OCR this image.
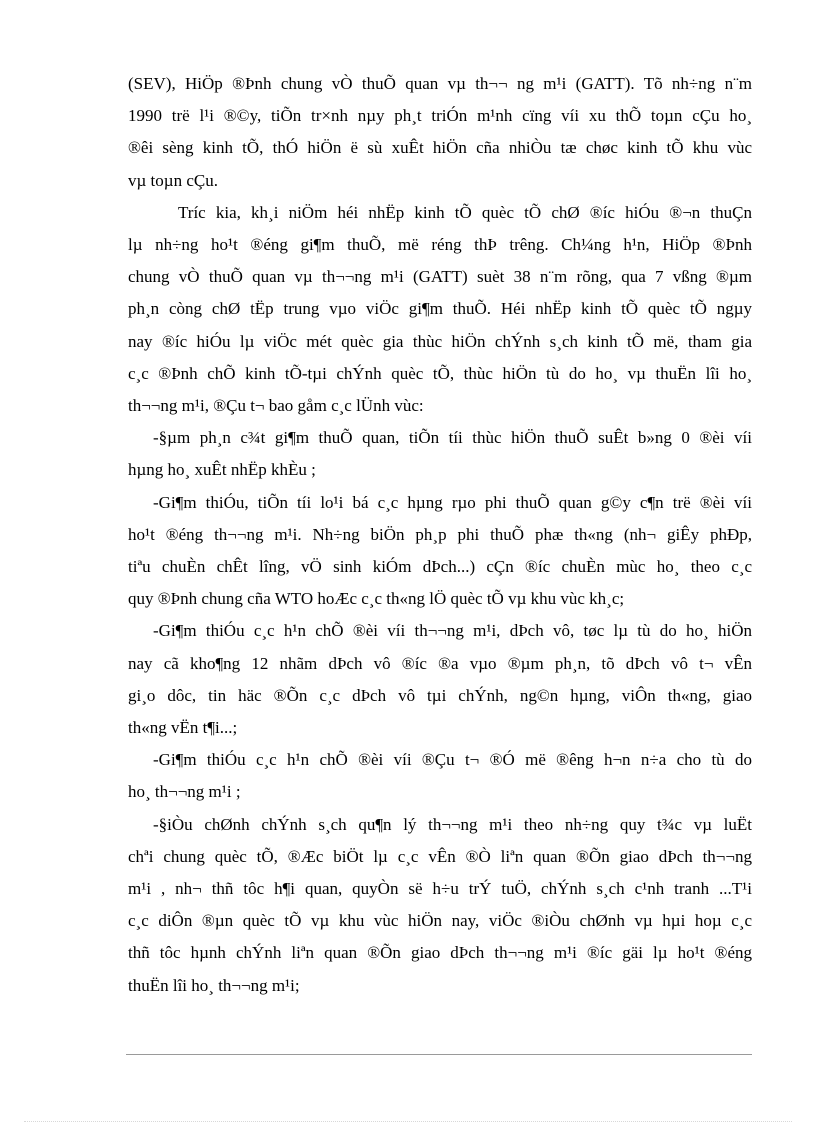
(SEV), HiÖp ®Þnh chung vÒ thuÕ quan vµ th¬¬ ng m¹i (GATT). Tõ nh÷ng n¨m
1990 trë l¹i ®©y, tiÕn tr×nh nµy ph¸t triÓn m¹nh cïng víi xu thÕ toµn cÇu ho¸
®êi sèng kinh tÕ, thÓ hiÖn ë sù xuÊt hiÖn cña nhiÒu tæ chøc kinh tÕ khu vùc
vµ toµn cÇu.
Tríc kia, kh¸i niÖm héi nhËp kinh tÕ quèc tÕ chØ ®íc hiÓu ®¬n thuÇn
lµ nh÷ng ho¹t ®éng gi¶m thuÕ, më réng thÞ trêng. Ch¼ng h¹n, HiÖp ®Þnh
chung vÒ thuÕ quan vµ th¬¬ng m¹i (GATT) suèt 38 n¨m rõng, qua 7 vßng ®µm
ph¸n còng chØ tËp trung vµo viÖc gi¶m thuÕ. Héi nhËp kinh tÕ quèc tÕ ngµy
nay ®íc hiÓu lµ viÖc mét quèc gia thùc hiÖn chÝnh s¸ch kinh tÕ më, tham gia
c¸c ®Þnh chÕ kinh tÕ-tµi chÝnh quèc tÕ, thùc hiÖn tù do ho¸ vµ thuËn lîi ho¸
th¬¬ng m¹i, ®Çu t¬ bao gåm c¸c lÜnh vùc:
-§µm ph¸n c¾t gi¶m thuÕ quan, tiÕn tíi thùc hiÖn thuÕ suÊt b»ng 0 ®èi víi
hµng ho¸ xuÊt nhËp khÈu ;
-Gi¶m thiÓu, tiÕn tíi lo¹i bá c¸c hµng rµo phi thuÕ quan g©y c¶n trë ®èi víi
ho¹t ®éng th¬¬ng m¹i. Nh÷ng biÖn ph¸p phi thuÕ phæ th«ng (nh¬ giÊy phÐp,
tiªu chuÈn chÊt lîng, vÖ sinh kiÓm dÞch...) cÇn ®íc chuÈn mùc ho¸ theo c¸c
quy ®Þnh chung cña WTO hoÆc c¸c th«ng lÖ quèc tÕ vµ khu vùc kh¸c;
-Gi¶m thiÓu c¸c h¹n chÕ ®èi víi th¬¬ng m¹i, dÞch vô, tøc lµ tù do ho¸ hiÖn
nay cã kho¶ng 12 nhãm dÞch vô ®íc ®a vµo ®µm ph¸n, tõ dÞch vô t¬ vÊn
gi¸o dôc, tin häc ®Õn c¸c dÞch vô tµi chÝnh, ng©n hµng, viÔn th«ng, giao
th«ng vËn t¶i...;
-Gi¶m thiÓu c¸c h¹n chÕ ®èi víi ®Çu t¬ ®Ó më ®êng h¬n n÷a cho tù do
ho¸ th¬¬ng m¹i ;
-§iÒu chØnh chÝnh s¸ch qu¶n lý th¬¬ng m¹i theo nh÷ng quy t¾c vµ luËt
chªi chung quèc tÕ, ®Æc biÖt lµ c¸c vÊn ®Ò liªn quan ®Õn giao dÞch th¬¬ng
m¹i , nh¬ thñ tôc h¶i quan, quyÒn së h÷u trÝ tuÖ, chÝnh s¸ch c¹nh tranh ...T¹i
c¸c diÔn ®µn quèc tÕ vµ khu vùc hiÖn nay, viÖc ®iÒu chØnh vµ hµi hoµ c¸c
thñ tôc hµnh chÝnh liªn quan ®Õn giao dÞch th¬¬ng m¹i ®íc gäi lµ ho¹t ®éng
thuËn lîi ho¸ th¬¬ng m¹i;
